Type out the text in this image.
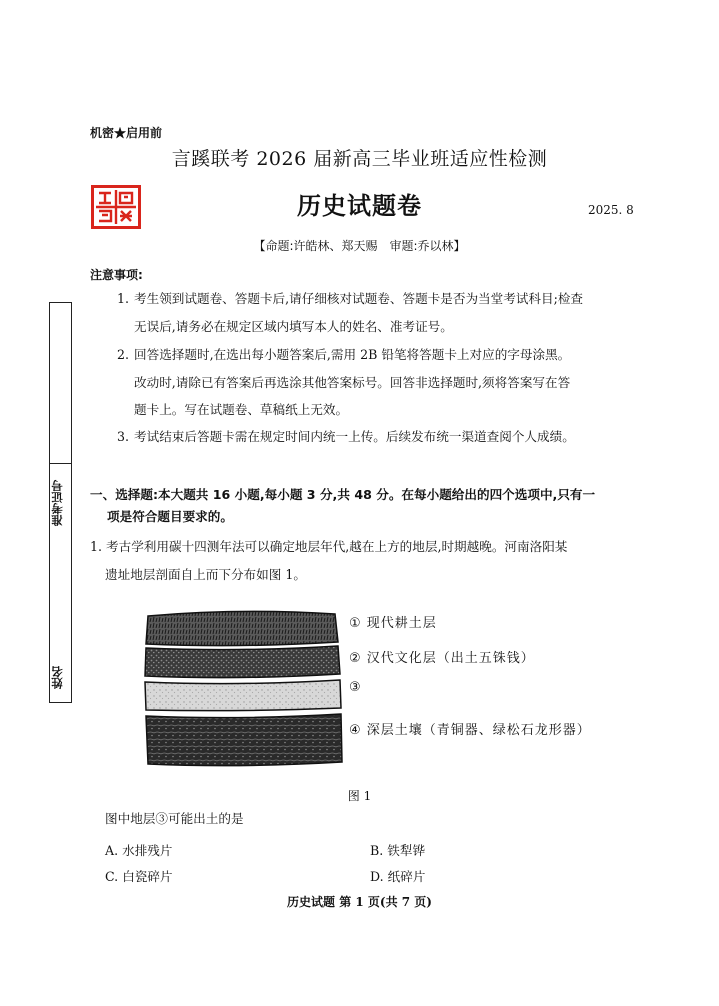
机密★启用前
言蹊联考 2026 届新高三毕业班适应性检测
历史试题卷	2025. 8
【命题:许皓林、郑天赐　审题:乔以林】
准考证号
姓名
注意事项:
1. 考生领到试题卷、答题卡后,请仔细核对试题卷、答题卡是否为当堂考试科目;检查
无误后,请务必在规定区域内填写本人的姓名、准考证号。
2. 回答选择题时,在选出每小题答案后,需用 2B 铅笔将答题卡上对应的字母涂黑。
改动时,请除已有答案后再选涂其他答案标号。回答非选择题时,须将答案写在答
题卡上。写在试题卷、草稿纸上无效。
3. 考试结束后答题卡需在规定时间内统一上传。后续发布统一渠道查阅个人成绩。
一、选择题:本大题共 16 小题,每小题 3 分,共 48 分。在每小题给出的四个选项中,只有一
项是符合题目要求的。
1. 考古学利用碳十四测年法可以确定地层年代,越在上方的地层,时期越晚。河南洛阳某
遗址地层剖面自上而下分布如图 1。
① 现代耕土层
② 汉代文化层（出土五铢钱）
③
④ 深层土壤（青铜器、绿松石龙形器）
图 1
图中地层③可能出土的是
A. 水排残片	B. 铁犁铧
C. 白瓷碎片	D. 纸碎片
历史试题 第 1 页(共 7 页)
